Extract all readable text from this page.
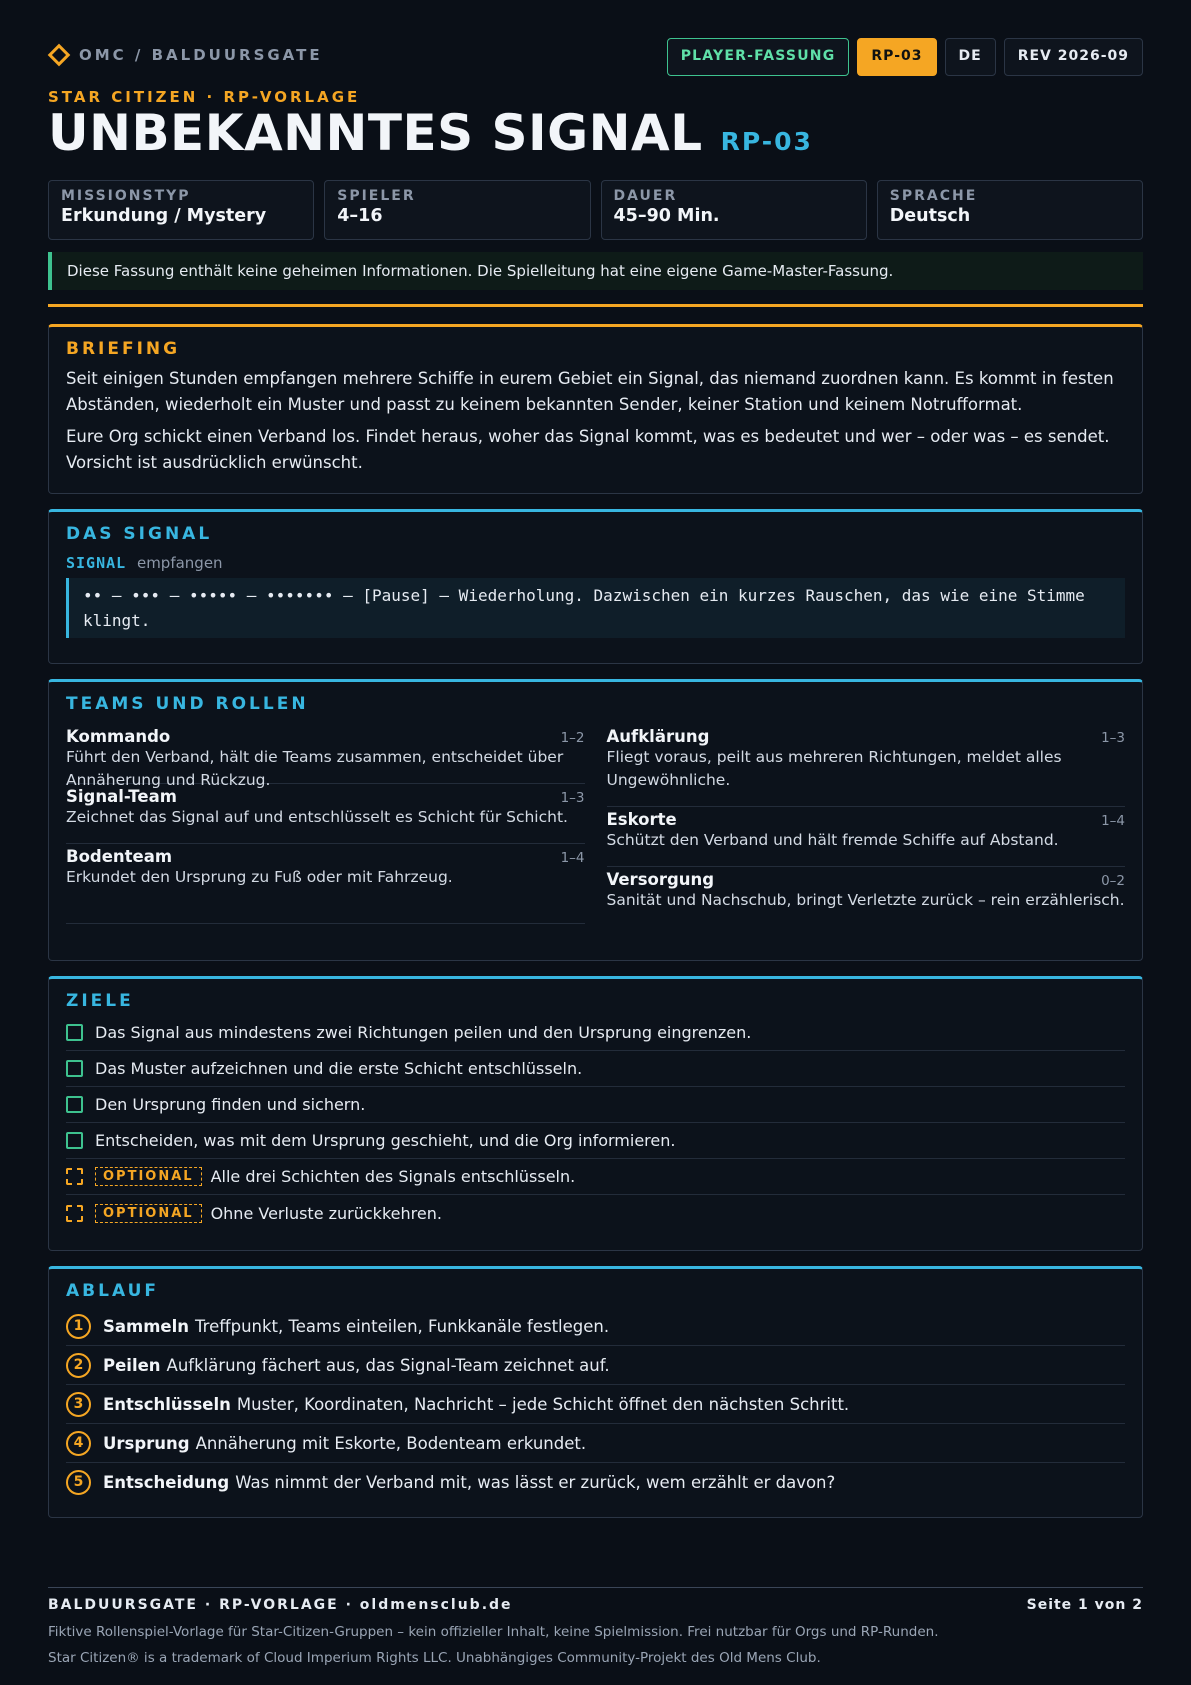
OMC / BALDUURSGATE	PLAYER-FASSUNG	RP-03	DE	REV 2026-09
STAR CITIZEN · RP-VORLAGE
UNBEKANNTES SIGNAL RP-03
MISSIONSTYP
Erkundung / Mystery
SPIELER
4–16
DAUER
45–90 Min.
SPRACHE
Deutsch
Diese Fassung enthält keine geheimen Informationen. Die Spielleitung hat eine eigene Game-Master-Fassung.
BRIEFING

Seit einigen Stunden empfangen mehrere Schiffe in eurem Gebiet ein Signal, das niemand zuordnen kann. Es kommt in festen Abständen, wiederholt ein Muster und passt zu keinem bekannten Sender, keiner Station und keinem Notrufformat.

Eure Org schickt einen Verband los. Findet heraus, woher das Signal kommt, was es bedeutet und wer – oder was – es sendet. Vorsicht ist ausdrücklich erwünscht.

DAS SIGNAL
SIGNAL empfangen
•• – ••• – ••••• – ••••••• – [Pause] – Wiederholung. Dazwischen ein kurzes Rauschen, das wie eine Stimme klingt.
TEAMS UND ROLLEN
Kommando	1–2
Führt den Verband, hält die Teams zusammen, entscheidet über Annäherung und Rückzug.
Signal-Team	1–3
Zeichnet das Signal auf und entschlüsselt es Schicht für Schicht.
Bodenteam	1–4
Erkundet den Ursprung zu Fuß oder mit Fahrzeug.
Aufklärung	1–3
Fliegt voraus, peilt aus mehreren Richtungen, meldet alles Ungewöhnliche.
Eskorte	1–4
Schützt den Verband und hält fremde Schiffe auf Abstand.
Versorgung	0–2
Sanität und Nachschub, bringt Verletzte zurück – rein erzählerisch.
ZIELE
Das Signal aus mindestens zwei Richtungen peilen und den Ursprung eingrenzen.
Das Muster aufzeichnen und die erste Schicht entschlüsseln.
Den Ursprung finden und sichern.
Entscheiden, was mit dem Ursprung geschieht, und die Org informieren.
OPTIONAL	Alle drei Schichten des Signals entschlüsseln.
OPTIONAL	Ohne Verluste zurückkehren.
ABLAUF
1	Sammeln Treffpunkt, Teams einteilen, Funkkanäle festlegen.
2	Peilen Aufklärung fächert aus, das Signal-Team zeichnet auf.
3	Entschlüsseln Muster, Koordinaten, Nachricht – jede Schicht öffnet den nächsten Schritt.
4	Ursprung Annäherung mit Eskorte, Bodenteam erkundet.
5	Entscheidung Was nimmt der Verband mit, was lässt er zurück, wem erzählt er davon?
BALDUURSGATE · RP-VORLAGE · oldmensclub.de	Seite 1 von 2
Fiktive Rollenspiel-Vorlage für Star-Citizen-Gruppen – kein offizieller Inhalt, keine Spielmission. Frei nutzbar für Orgs und RP-Runden.
Star Citizen® is a trademark of Cloud Imperium Rights LLC. Unabhängiges Community-Projekt des Old Mens Club.
